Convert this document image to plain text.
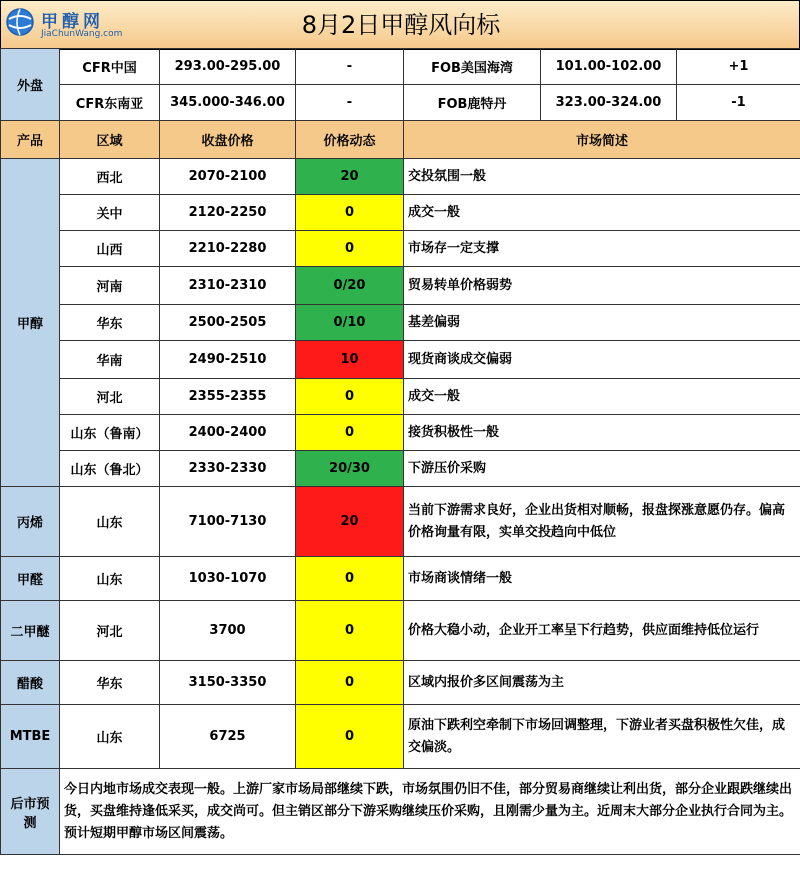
甲醇网
JiaChunWang.com	8月2日甲醇风向标
外盘	CFR中国	293.00-295.00	-	FOB美国海湾	101.00-102.00	+1
	CFR东南亚	345.000-346.00	-	FOB鹿特丹	323.00-324.00	-1
产品	区域	收盘价格	价格动态	市场简述		
甲醇	西北	2070-2100	20	交投氛围一般		
	关中	2120-2250	0	成交一般		
	山西	2210-2280	0	市场存一定支撑		
	河南	2310-2310	0/20	贸易转单价格弱势		
	华东	2500-2505	0/10	基差偏弱		
	华南	2490-2510	10	现货商谈成交偏弱		
	河北	2355-2355	0	成交一般		
	山东（鲁南）	2400-2400	0	接货积极性一般		
	山东（鲁北）	2330-2330	20/30	下游压价采购		
丙烯	山东	7100-7130	20	当前下游需求良好，企业出货相对顺畅，报盘探涨意愿仍存。偏高价格询量有限，实单交投趋向中低位		
甲醛	山东	1030-1070	0	市场商谈情绪一般		
二甲醚	河北	3700	0	价格大稳小动，企业开工率呈下行趋势，供应面维持低位运行		
醋酸	华东	3150-3350	0	区域内报价多区间震荡为主		
MTBE	山东	6725	0	原油下跌利空牵制下市场回调整理，下游业者买盘积极性欠佳，成交偏淡。		
后市预测	今日内地市场成交表现一般。上游厂家市场局部继续下跌，市场氛围仍旧不佳，部分贸易商继续让利出货，部分企业跟跌继续出货，买盘维持逢低采买，成交尚可。但主销区部分下游采购继续压价采购，且刚需少量为主。近周末大部分企业执行合同为主。预计短期甲醇市场区间震荡。					
